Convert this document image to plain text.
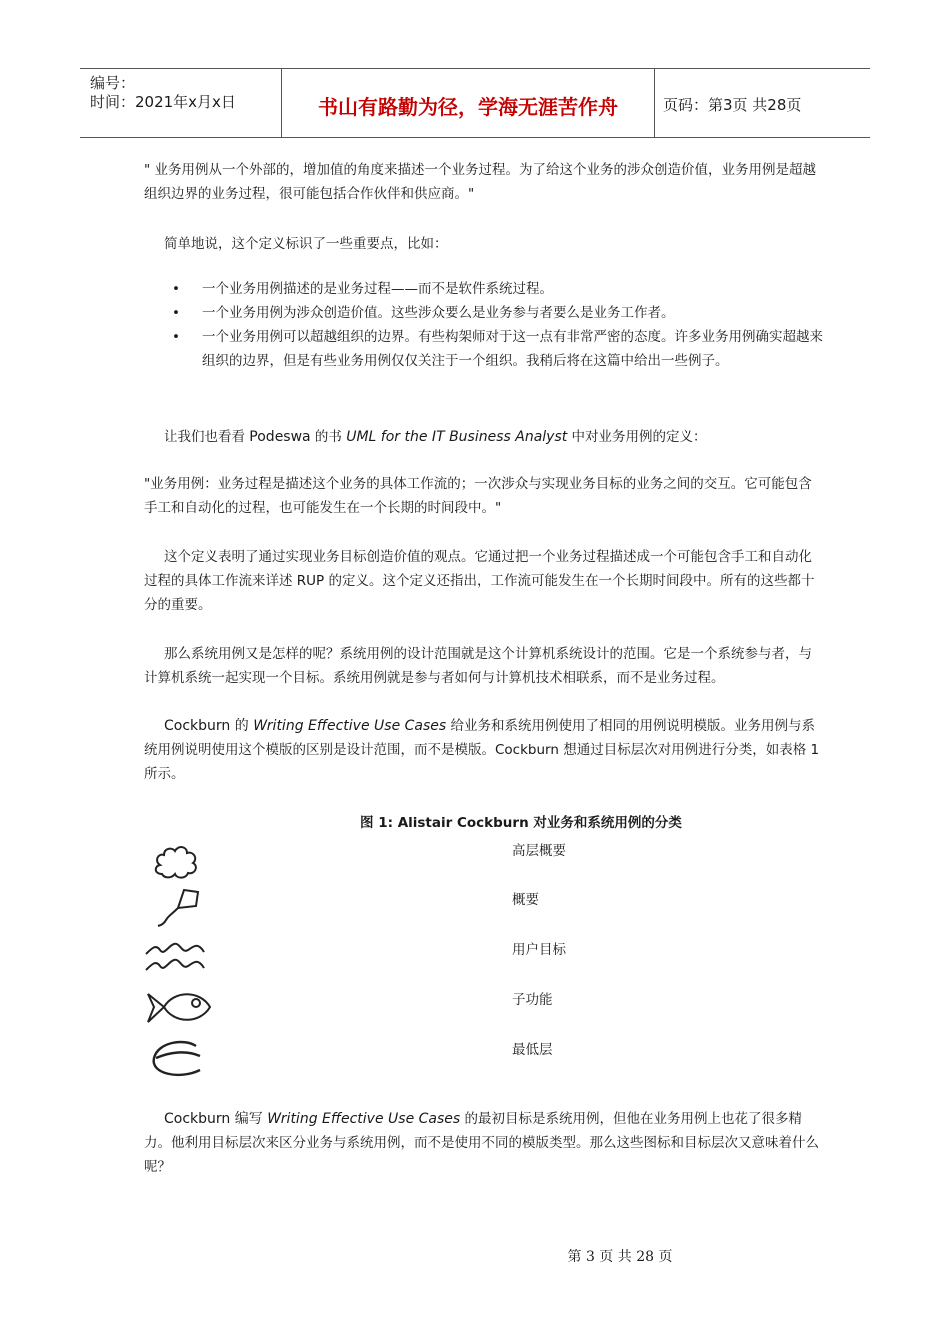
编号：
时间：2021年x月x日	书山有路勤为径，学海无涯苦作舟	页码：第3页 共28页

" 业务用例从一个外部的，增加值的角度来描述一个业务过程。为了给这个业务的涉众创造价值，业务用例是超越组织边界的业务过程，很可能包括合作伙伴和供应商。"

简单地说，这个定义标识了一些重要点，比如：

• 一个业务用例描述的是业务过程——而不是软件系统过程。
• 一个业务用例为涉众创造价值。这些涉众要么是业务参与者要么是业务工作者。
• 一个业务用例可以超越组织的边界。有些构架师对于这一点有非常严密的态度。许多业务用例确实超越来组织的边界，但是有些业务用例仅仅关注于一个组织。我稍后将在这篇中给出一些例子。

让我们也看看 Podeswa 的书 UML for the IT Business Analyst 中对业务用例的定义：

"业务用例：业务过程是描述这个业务的具体工作流的；一次涉众与实现业务目标的业务之间的交互。它可能包含手工和自动化的过程，也可能发生在一个长期的时间段中。"

这个定义表明了通过实现业务目标创造价值的观点。它通过把一个业务过程描述成一个可能包含手工和自动化过程的具体工作流来详述 RUP 的定义。这个定义还指出，工作流可能发生在一个长期时间段中。所有的这些都十分的重要。

那么系统用例又是怎样的呢？系统用例的设计范围就是这个计算机系统设计的范围。它是一个系统参与者，与计算机系统一起实现一个目标。系统用例就是参与者如何与计算机技术相联系，而不是业务过程。

Cockburn 的 Writing Effective Use Cases 给业务和系统用例使用了相同的用例说明模版。业务用例与系统用例说明使用这个模版的区别是设计范围，而不是模版。Cockburn 想通过目标层次对用例进行分类，如表格 1 所示。

图 1: Alistair Cockburn 对业务和系统用例的分类
高层概要
概要
用户目标
子功能
最低层

Cockburn 编写 Writing Effective Use Cases 的最初目标是系统用例，但他在业务用例上也花了很多精力。他利用目标层次来区分业务与系统用例，而不是使用不同的模版类型。那么这些图标和目标层次又意味着什么呢？

第 3 页 共 28 页
